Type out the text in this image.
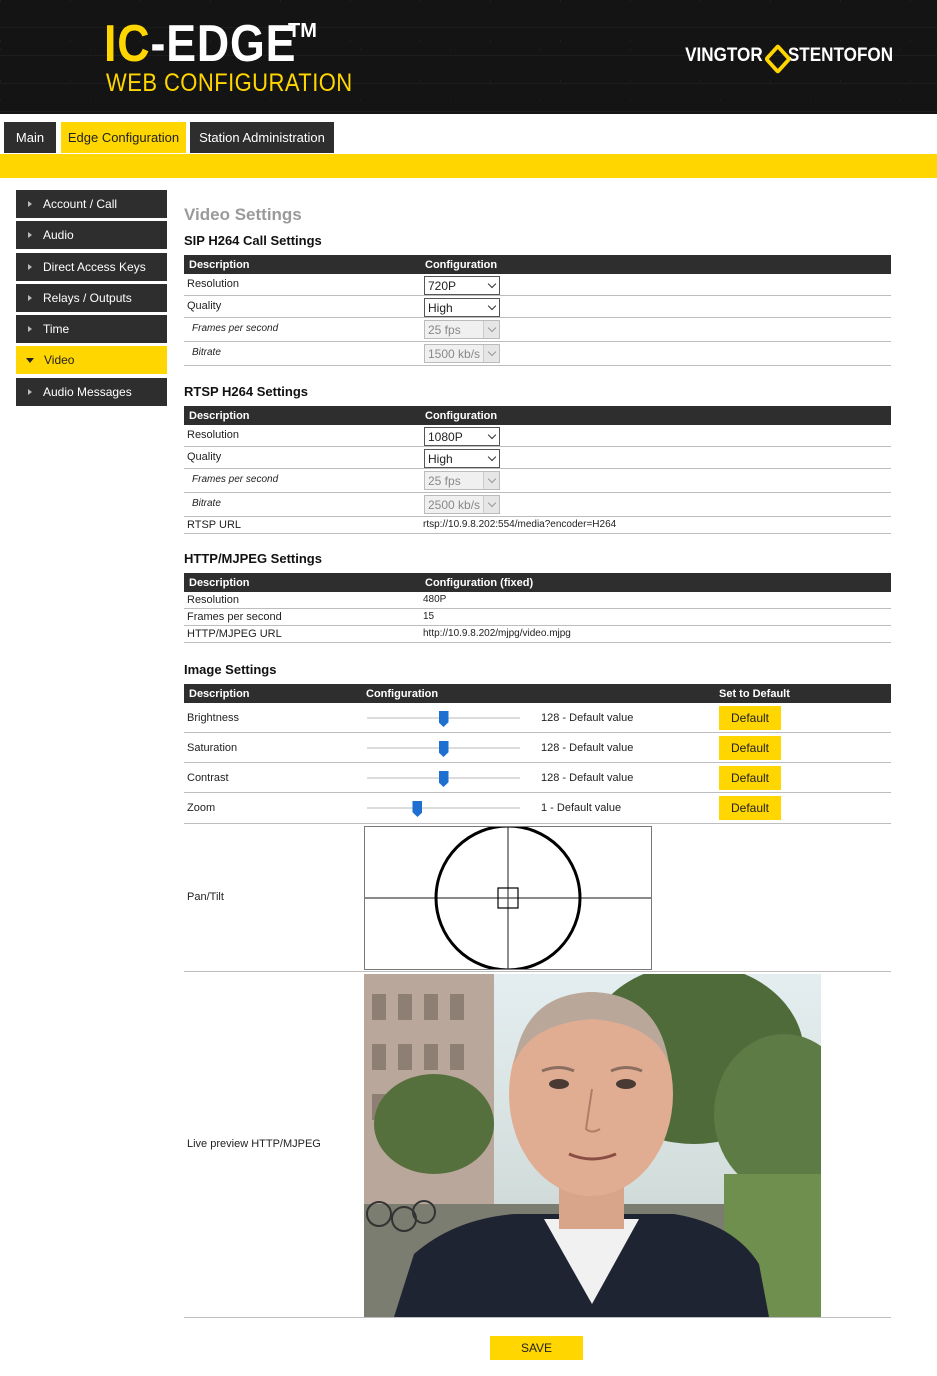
IC-EDGE
TM
WEB CONFIGURATION
VINGTOR STENTOFON
Main	Edge Configuration	Station Administration
Account / Call
Audio
Direct Access Keys
Relays / Outputs
Time
Video
Audio Messages
Video Settings
SIP H264 Call Settings
Description	Configuration
Resolution	720P
Quality	High
Frames per second	25 fps
Bitrate	1500 kb/s
RTSP H264 Settings
Description	Configuration
Resolution	1080P
Quality	High
Frames per second	25 fps
Bitrate	2500 kb/s
RTSP URL	rtsp://10.9.8.202:554/media?encoder=H264
HTTP/MJPEG Settings
Description	Configuration (fixed)
Resolution	480P
Frames per second	15
HTTP/MJPEG URL	http://10.9.8.202/mjpg/video.mjpg
Image Settings
Description	Configuration	Set to Default
Brightness	128 - Default value	Default
Saturation	128 - Default value	Default
Contrast	128 - Default value	Default
Zoom	1 - Default value	Default
Pan/Tilt
Live preview HTTP/MJPEG
SAVE
